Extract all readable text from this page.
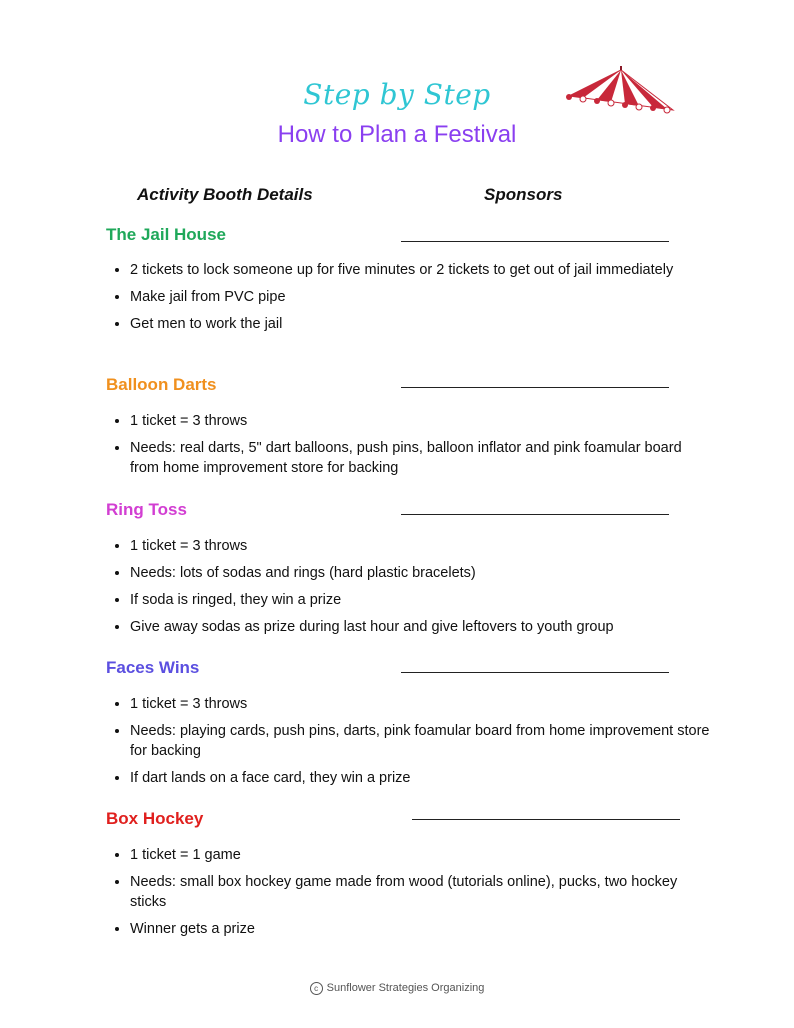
Step by Step
How to Plan a Festival
Activity Booth Details	Sponsors
The Jail House
• 2 tickets to lock someone up for five minutes or 2 tickets to get out of jail immediately
• Make jail from PVC pipe
• Get men to work the jail
Balloon Darts
• 1 ticket = 3 throws
• Needs: real darts, 5" dart balloons, push pins, balloon inflator and pink foamular board from home improvement store for backing
Ring Toss
• 1 ticket = 3 throws
• Needs: lots of sodas and rings (hard plastic bracelets)
• If soda is ringed, they win a prize
• Give away sodas as prize during last hour and give leftovers to youth group
Faces Wins
• 1 ticket = 3 throws
• Needs: playing cards, push pins, darts, pink foamular board from home improvement store for backing
• If dart lands on a face card, they win a prize
Box Hockey
• 1 ticket = 1 game
• Needs: small box hockey game made from wood (tutorials online), pucks, two hockey sticks
• Winner gets a prize
c Sunflower Strategies Organizing
